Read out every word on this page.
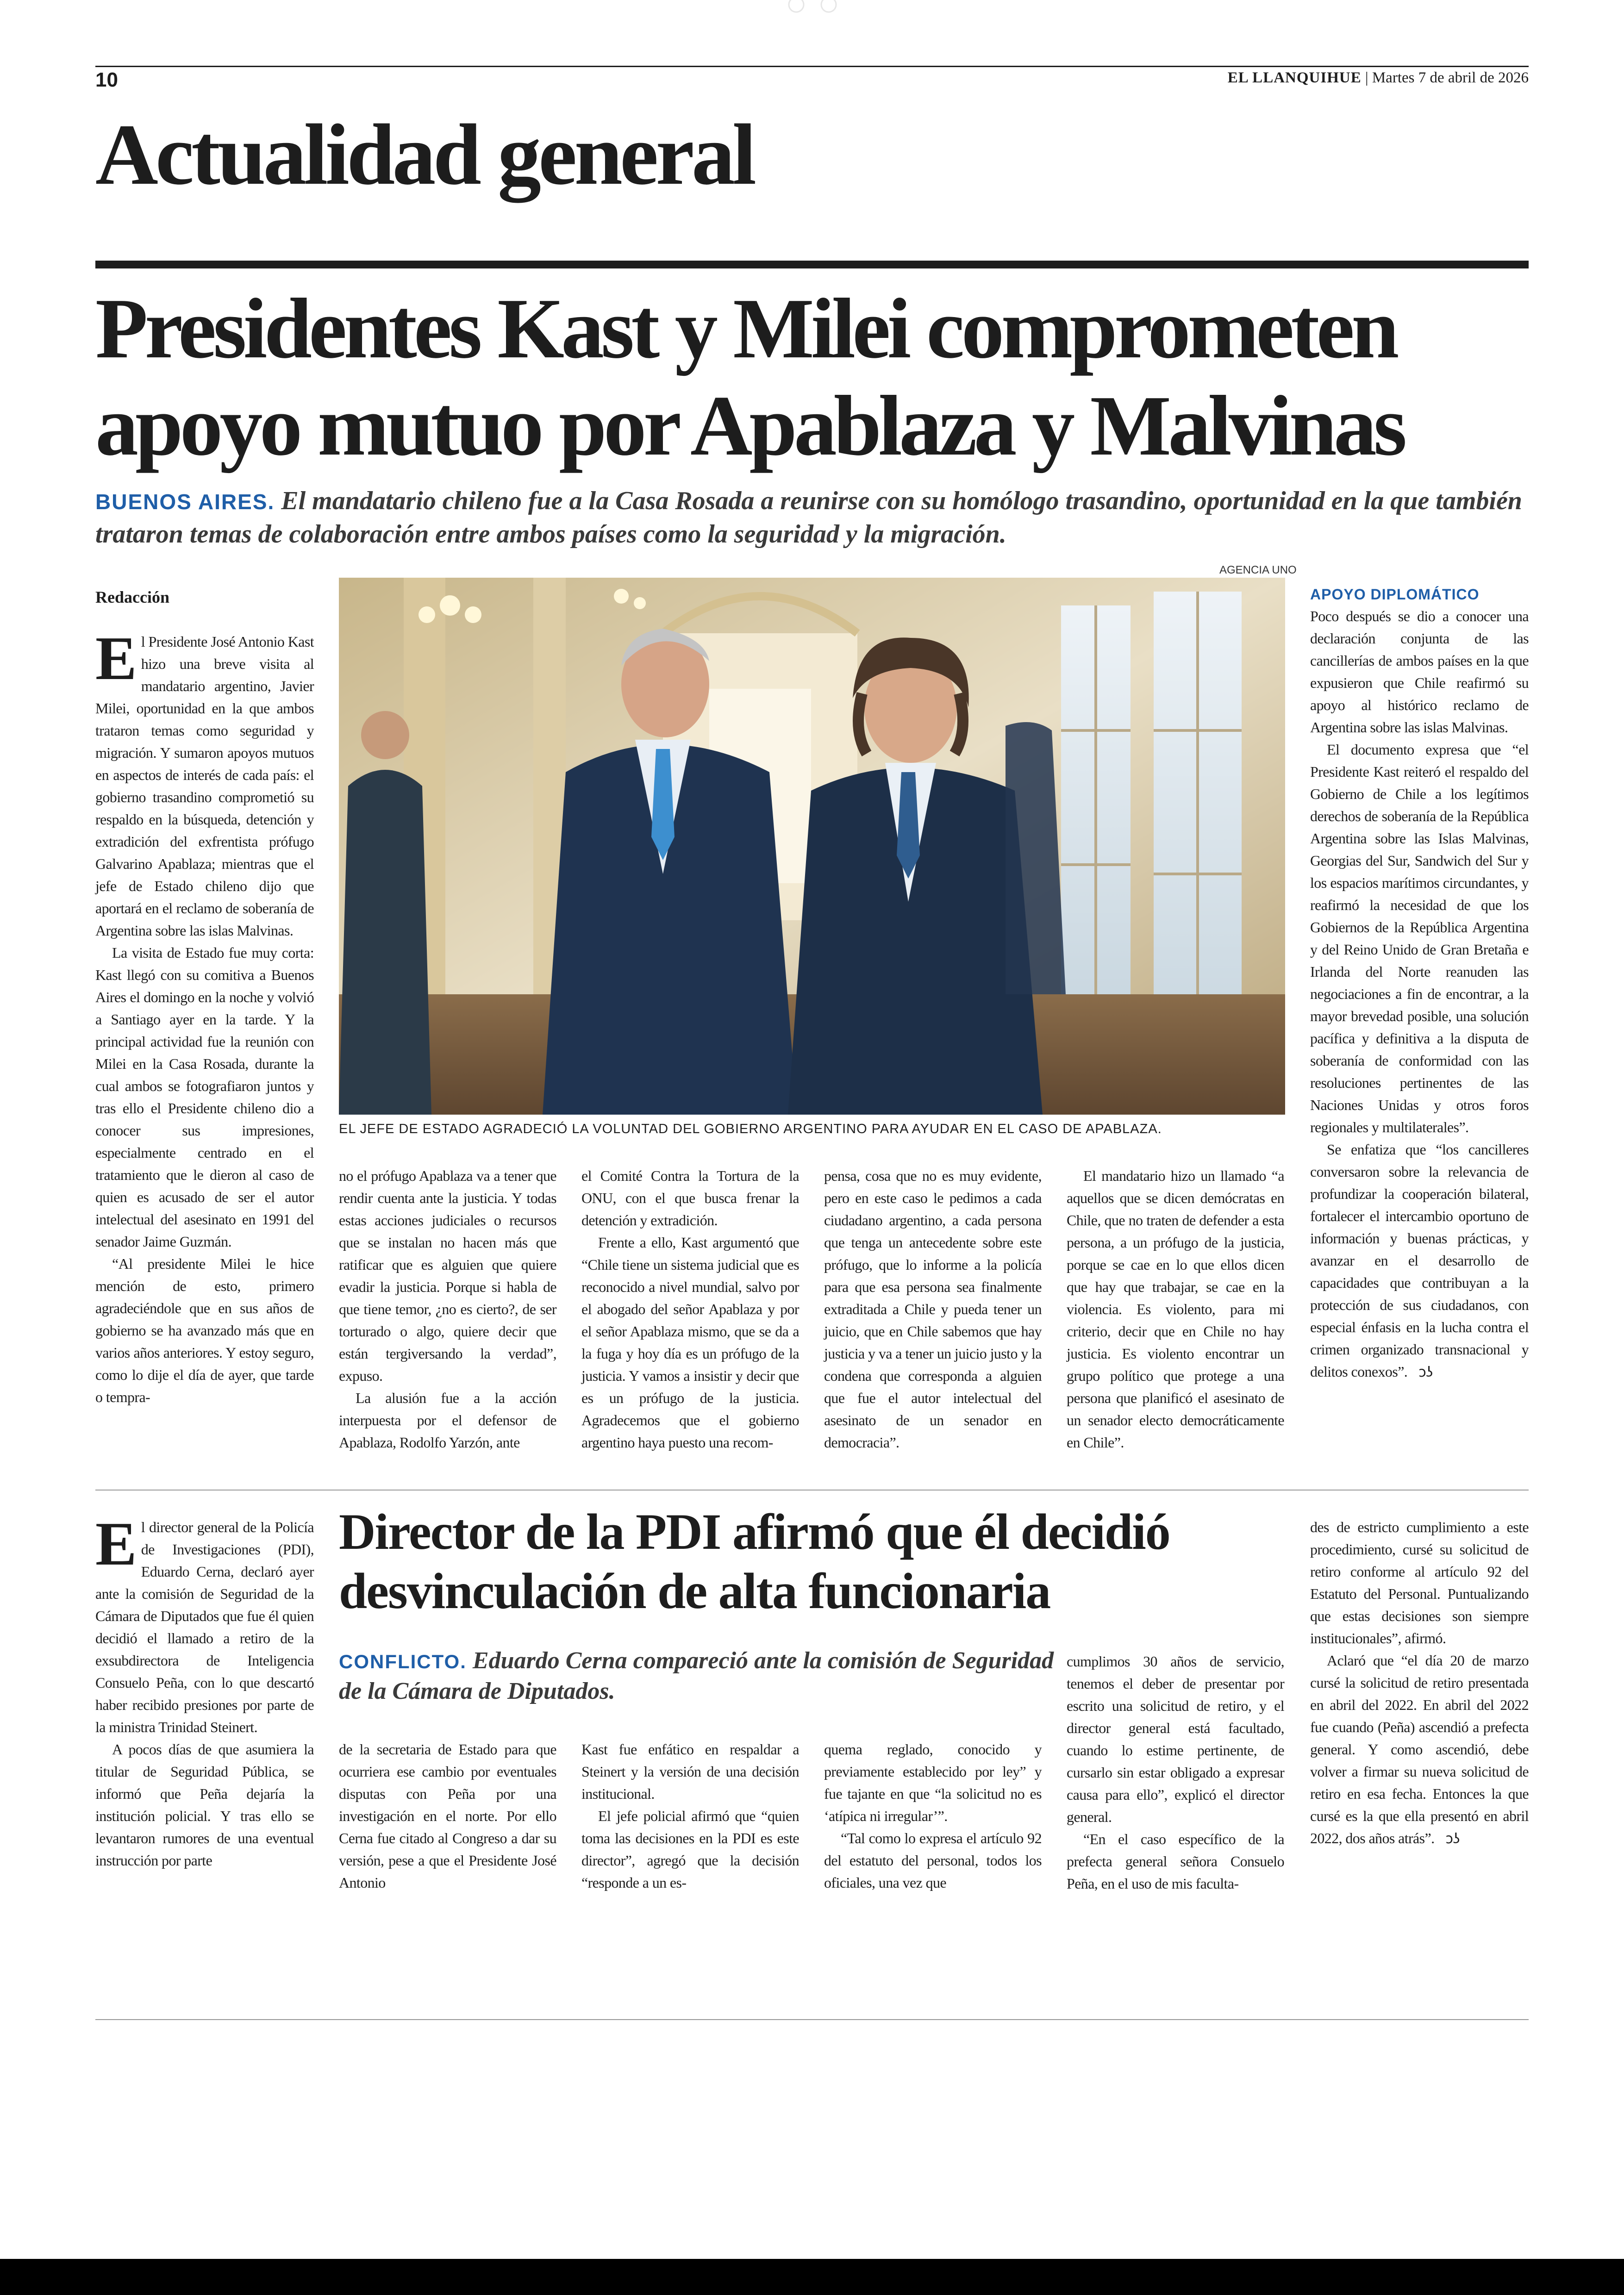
10	EL LLANQUIHUE | Martes 7 de abril de 2026
Actualidad general
Presidentes Kast y Milei comprometen apoyo mutuo por Apablaza y Malvinas
BUENOS AIRES. El mandatario chileno fue a la Casa Rosada a reunirse con su homólogo trasandino, oportunidad en la que también trataron temas de colaboración entre ambos países como la seguridad y la migración.
AGENCIA UNO
EL JEFE DE ESTADO AGRADECIÓ LA VOLUNTAD DEL GOBIERNO ARGENTINO PARA AYUDAR EN EL CASO DE APABLAZA.
Redacción

El Presidente José Antonio Kast hizo una breve visita al mandatario argentino, Javier Milei, oportunidad en la que ambos trataron temas como seguridad y migración. Y sumaron apoyos mutuos en aspectos de interés de cada país: el gobierno trasandino comprometió su respaldo en la búsqueda, detención y extradición del exfrentista prófugo Galvarino Apablaza; mientras que el jefe de Estado chileno dijo que aportará en el reclamo de soberanía de Argentina sobre las islas Malvinas.

La visita de Estado fue muy corta: Kast llegó con su comitiva a Buenos Aires el domingo en la noche y volvió a Santiago ayer en la tarde. Y la principal actividad fue la reunión con Milei en la Casa Rosada, durante la cual ambos se fotografiaron juntos y tras ello el Presidente chileno dio a conocer sus impresiones, especialmente centrado en el tratamiento que le dieron al caso de quien es acusado de ser el autor intelectual del asesinato en 1991 del senador Jaime Guzmán.

“Al presidente Milei le hice mención de esto, primero agradeciéndole que en sus años de gobierno se ha avanzado más que en varios años anteriores. Y estoy seguro, como lo dije el día de ayer, que tarde o tempra-

no el prófugo Apablaza va a tener que rendir cuenta ante la justicia. Y todas estas acciones judiciales o recursos que se instalan no hacen más que ratificar que es alguien que quiere evadir la justicia. Porque si habla de que tiene temor, ¿no es cierto?, de ser torturado o algo, quiere decir que están tergiversando la verdad”, expuso.

La alusión fue a la acción interpuesta por el defensor de Apablaza, Rodolfo Yarzón, ante

el Comité Contra la Tortura de la ONU, con el que busca frenar la detención y extradición.

Frente a ello, Kast argumentó que “Chile tiene un sistema judicial que es reconocido a nivel mundial, salvo por el abogado del señor Apablaza y por el señor Apablaza mismo, que se da a la fuga y hoy día es un prófugo de la justicia. Y vamos a insistir y decir que es un prófugo de la justicia. Agradecemos que el gobierno argentino haya puesto una recom-

pensa, cosa que no es muy evidente, pero en este caso le pedimos a cada ciudadano argentino, a cada persona que tenga un antecedente sobre este prófugo, que lo informe a la policía para que esa persona sea finalmente extraditada a Chile y pueda tener un juicio, que en Chile sabemos que hay justicia y va a tener un juicio justo y la condena que corresponda a alguien que fue el autor intelectual del asesinato de un senador en democracia”.

El mandatario hizo un llamado “a aquellos que se dicen demócratas en Chile, que no traten de defender a esta persona, a un prófugo de la justicia, porque se cae en lo que ellos dicen que hay que trabajar, se cae en la violencia. Es violento, para mi criterio, decir que en Chile no hay justicia. Es violento encontrar un grupo político que protege a una persona que planificó el asesinato de un senador electo democráticamente en Chile”.

APOYO DIPLOMÁTICO

Poco después se dio a conocer una declaración conjunta de las cancillerías de ambos países en la que expusieron que Chile reafirmó su apoyo al histórico reclamo de Argentina sobre las islas Malvinas.

El documento expresa que “el Presidente Kast reiteró el respaldo del Gobierno de Chile a los legítimos derechos de soberanía de la República Argentina sobre las Islas Malvinas, Georgias del Sur, Sandwich del Sur y los espacios marítimos circundantes, y reafirmó la necesidad de que los Gobiernos de la República Argentina y del Reino Unido de Gran Bretaña e Irlanda del Norte reanuden las negociaciones a fin de encontrar, a la mayor brevedad posible, una solución pacífica y definitiva a la disputa de soberanía de conformidad con las resoluciones pertinentes de las Naciones Unidas y otros foros regionales y multilaterales”.

Se enfatiza que “los cancilleres conversaron sobre la relevancia de profundizar la cooperación bilateral, fortalecer el intercambio oportuno de información y buenas prácticas, y avanzar en el desarrollo de capacidades que contribuyan a la protección de sus ciudadanos, con especial énfasis en la lucha contra el crimen organizado transnacional y delitos conexos”. ɔʖ

Director de la PDI afirmó que él decidió desvinculación de alta funcionaria
CONFLICTO. Eduardo Cerna compareció ante la comisión de Seguridad de la Cámara de Diputados.

El director general de la Policía de Investigaciones (PDI), Eduardo Cerna, declaró ayer ante la comisión de Seguridad de la Cámara de Diputados que fue él quien decidió el llamado a retiro de la exsubdirectora de Inteligencia Consuelo Peña, con lo que descartó haber recibido presiones por parte de la ministra Trinidad Steinert.

A pocos días de que asumiera la titular de Seguridad Pública, se informó que Peña dejaría la institución policial. Y tras ello se levantaron rumores de una eventual instrucción por parte

de la secretaria de Estado para que ocurriera ese cambio por eventuales disputas con Peña por una investigación en el norte. Por ello Cerna fue citado al Congreso a dar su versión, pese a que el Presidente José Antonio

Kast fue enfático en respaldar a Steinert y la versión de una decisión institucional.

El jefe policial afirmó que “quien toma las decisiones en la PDI es este director”, agregó que la decisión “responde a un es-

quema reglado, conocido y previamente establecido por ley” y fue tajante en que “la solicitud no es ‘atípica ni irregular’”.

“Tal como lo expresa el artículo 92 del estatuto del personal, todos los oficiales, una vez que

cumplimos 30 años de servicio, tenemos el deber de presentar por escrito una solicitud de retiro, y el director general está facultado, cuando lo estime pertinente, de cursarlo sin estar obligado a expresar causa para ello”, explicó el director general.

“En el caso específico de la prefecta general señora Consuelo Peña, en el uso de mis faculta-

des de estricto cumplimiento a este procedimiento, cursé su solicitud de retiro conforme al artículo 92 del Estatuto del Personal. Puntualizando que estas decisiones son siempre institucionales”, afirmó.

Aclaró que “el día 20 de marzo cursé la solicitud de retiro presentada en abril del 2022. En abril del 2022 fue cuando (Peña) ascendió a prefecta general. Y como ascendió, debe volver a firmar su nueva solicitud de retiro en esa fecha. Entonces la que cursé es la que ella presentó en abril 2022, dos años atrás”. ɔʖ
